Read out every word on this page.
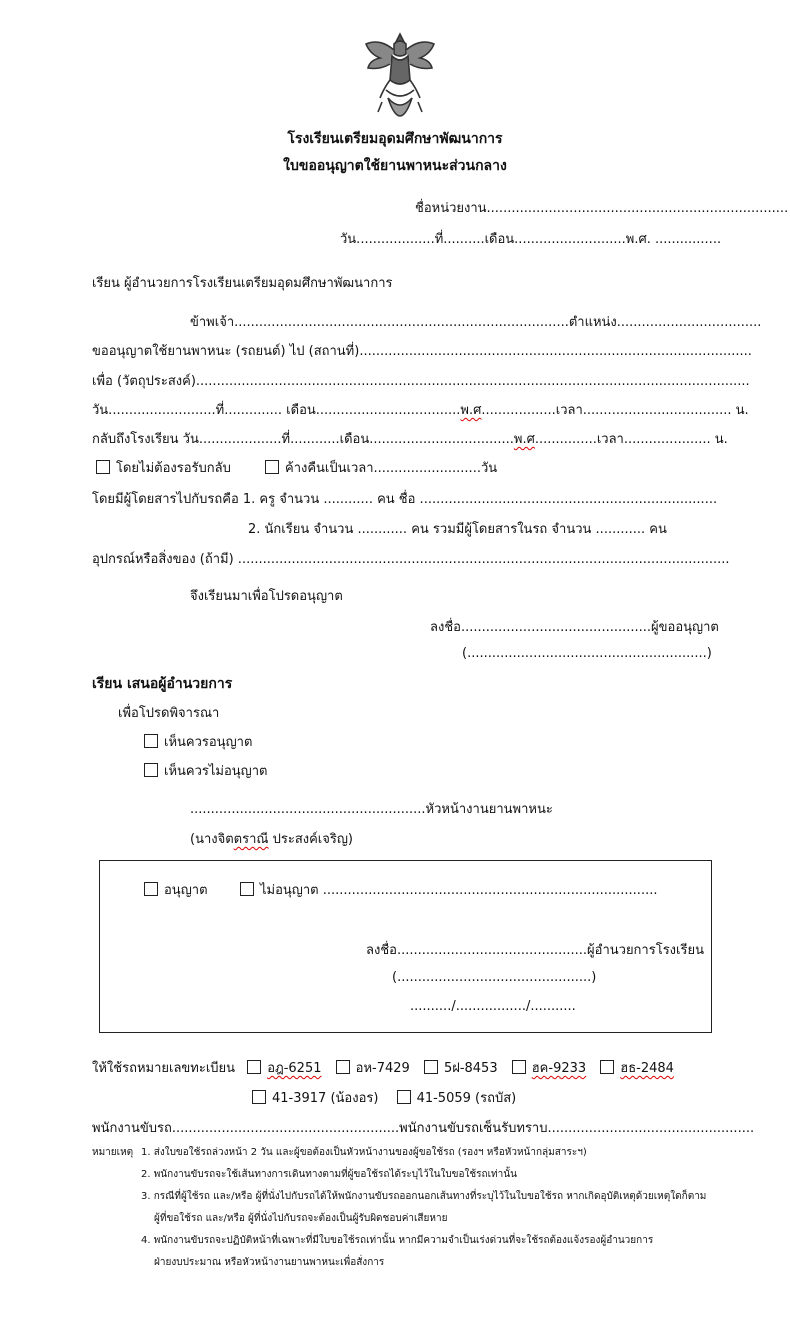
โรงเรียนเตรียมอุดมศึกษาพัฒนาการ
ใบขออนุญาตใช้ยานพาหนะส่วนกลาง
ชื่อหน่วยงาน.........................................................................
วัน...................ที่..........เดือน...........................พ.ศ. ................
เรียน ผู้อำนวยการโรงเรียนเตรียมอุดมศึกษาพัฒนาการ
ข้าพเจ้า.................................................................................ตำแหน่ง...................................
ขออนุญาตใช้ยานพาหนะ (รถยนต์) ไป (สถานที่)...............................................................................................
เพื่อ (วัตถุประสงค์)......................................................................................................................................
วัน..........................ที่.............. เดือน...................................พ.ศ..................เวลา.................................... น.
กลับถึงโรงเรียน วัน....................ที่............เดือน...................................พ.ศ...............เวลา..................... น.
โดยไม่ต้องรอรับกลับ	ค้างคืนเป็นเวลา..........................วัน
โดยมีผู้โดยสารไปกับรถคือ 1. ครู จำนวน ............ คน ชื่อ ........................................................................
2. นักเรียน จำนวน ............ คน รวมมีผู้โดยสารในรถ จำนวน ............ คน
อุปกรณ์หรือสิ่งของ (ถ้ามี) .......................................................................................................................
จึงเรียนมาเพื่อโปรดอนุญาต
ลงชื่อ..............................................ผู้ขออนุญาต
(..........................................................)
เรียน เสนอผู้อำนวยการ
เพื่อโปรดพิจารณา
เห็นควรอนุญาต
เห็นควรไม่อนุญาต
.........................................................หัวหน้างานยานพาหนะ
(นางจิตตราณี ประสงค์เจริญ)
อนุญาต	ไม่อนุญาต .................................................................................
ลงชื่อ..............................................ผู้อำนวยการโรงเรียน
(...............................................)
........../................./...........
ให้ใช้รถหมายเลขทะเบียน อฎ-6251	อห-7429	5ฝ-8453	ฮค-9233	ฮธ-2484
41-3917 (น้องอร)	41-5059 (รถบัส)
พนักงานขับรถ.......................................................พนักงานขับรถเซ็นรับทราบ..................................................
หมายเหตุ 1. ส่งใบขอใช้รถล่วงหน้า 2 วัน และผู้ขอต้องเป็นหัวหน้างานของผู้ขอใช้รถ (รองฯ หรือหัวหน้ากลุ่มสาระฯ)
2. พนักงานขับรถจะใช้เส้นทางการเดินทางตามที่ผู้ขอใช้รถได้ระบุไว้ในใบขอใช้รถเท่านั้น
3. กรณีที่ผู้ใช้รถ และ/หรือ ผู้ที่นั่งไปกับรถได้ให้พนักงานขับรถออกนอกเส้นทางที่ระบุไว้ในใบขอใช้รถ หากเกิดอุบัติเหตุด้วยเหตุใดก็ตาม
ผู้ที่ขอใช้รถ และ/หรือ ผู้ที่นั่งไปกับรถจะต้องเป็นผู้รับผิดชอบค่าเสียหาย
4. พนักงานขับรถจะปฏิบัติหน้าที่เฉพาะที่มีใบขอใช้รถเท่านั้น หากมีความจำเป็นเร่งด่วนที่จะใช้รถต้องแจ้งรองผู้อำนวยการ
ฝ่ายงบประมาณ หรือหัวหน้างานยานพาหนะเพื่อสั่งการ
